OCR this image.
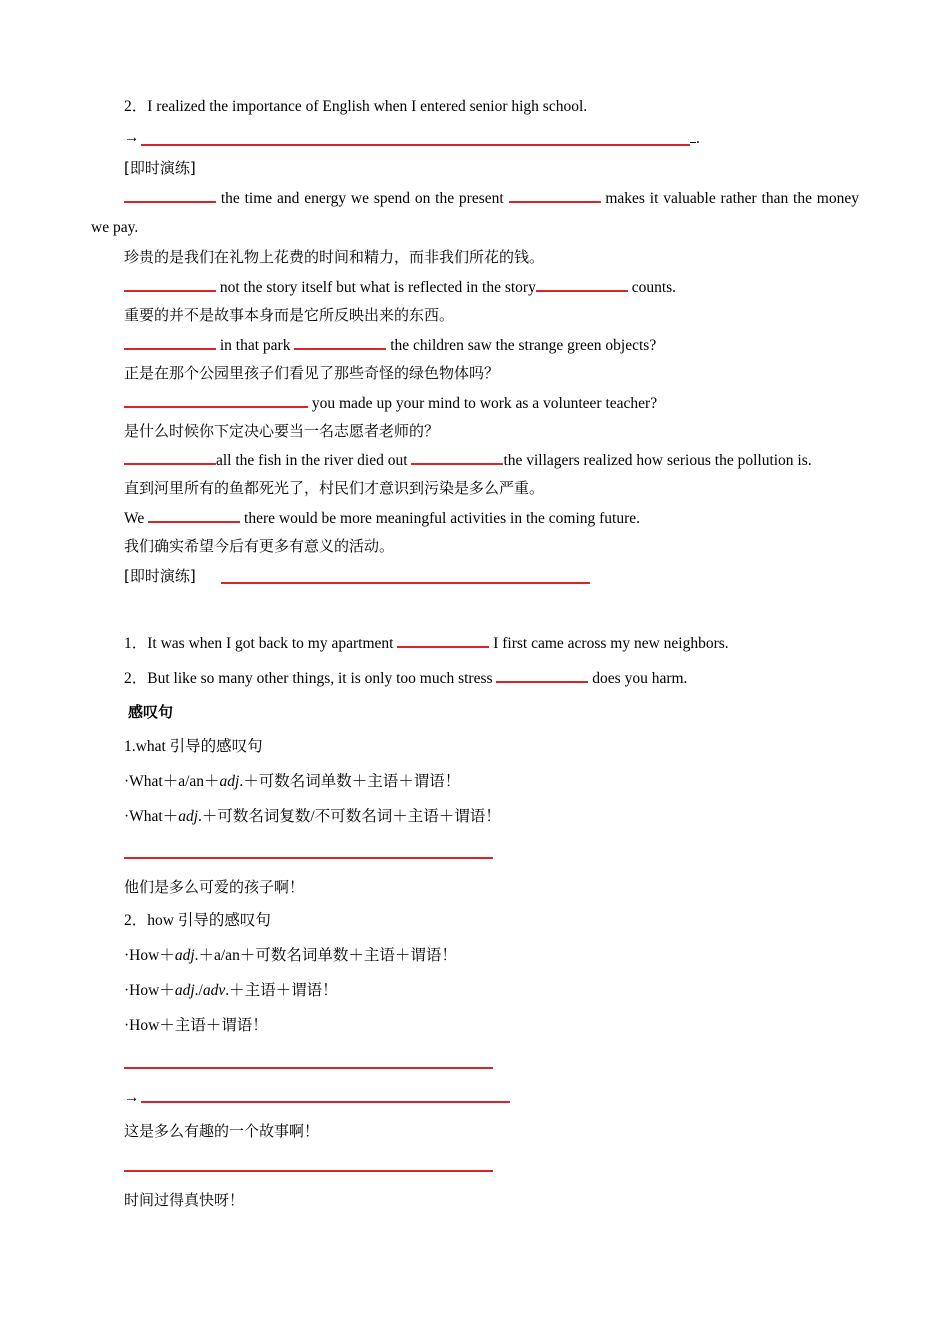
2．I realized the importance of English when I entered senior high school.
→	.
[即时演练]
the time and energy we spend on the present	makes it valuable rather than the money we pay.
珍贵的是我们在礼物上花费的时间和精力，而非我们所花的钱。
not the story itself but what is reflected in the story	counts.
重要的并不是故事本身而是它所反映出来的东西。
in that park	the children saw the strange green objects?
正是在那个公园里孩子们看见了那些奇怪的绿色物体吗？
you made up your mind to work as a volunteer teacher?
是什么时候你下定决心要当一名志愿者老师的？
all the fish in the river died out	the villagers realized how serious the pollution is.
直到河里所有的鱼都死光了，村民们才意识到污染是多么严重。
We	there would be more meaningful activities in the coming future.
我们确实希望今后有更多有意义的活动。
[即时演练]
1．It was when I got back to my apartment	I first came across my new neighbors.
2．But like so many other things, it is only too much stress	does you harm.
感叹句
1.what 引导的感叹句
·What＋a/an＋adj.＋可数名词单数＋主语＋谓语！
·What＋adj.＋可数名词复数/不可数名词＋主语＋谓语！
他们是多么可爱的孩子啊！
2．how 引导的感叹句
·How＋adj.＋a/an＋可数名词单数＋主语＋谓语！
·How＋adj./adv.＋主语＋谓语！
·How＋主语＋谓语！
→
这是多么有趣的一个故事啊！
时间过得真快呀！
